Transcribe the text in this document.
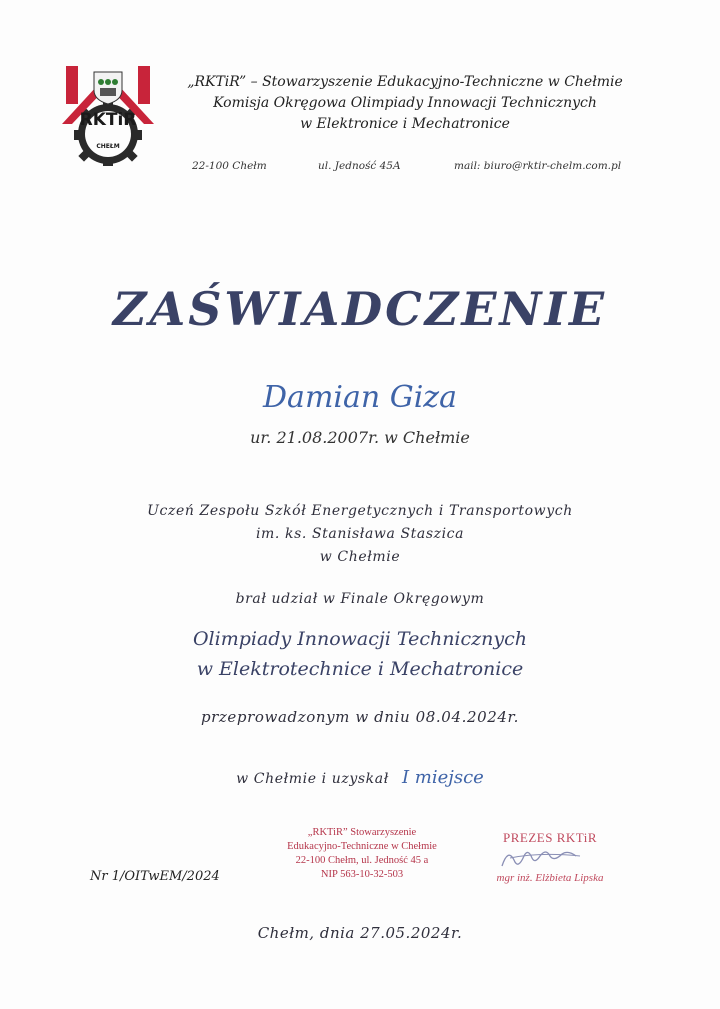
RKTiR
CHEŁM
„RKTiR” – Stowarzyszenie Edukacyjno-Techniczne w Chełmie
Komisja Okręgowa Olimpiady Innowacji Technicznych
w Elektronice i Mechatronice
22-100 Chełm	ul. Jedność 45A	mail: biuro@rktir-chelm.com.pl
ZAŚWIADCZENIE
Damian Giza
ur. 21.08.2007r. w Chełmie
Uczeń Zespołu Szkół Energetycznych i Transportowych
im. ks. Stanisława Staszica
w Chełmie
brał udział w Finale Okręgowym
Olimpiady Innowacji Technicznych
w Elektrotechnice i Mechatronice
przeprowadzonym w dniu 08.04.2024r.
w Chełmie i uzyskał I miejsce
„RKTiR” Stowarzyszenie
Edukacyjno-Techniczne w Chełmie
22-100 Chełm, ul. Jedność 45 a
NIP 563-10-32-503
Nr 1/OITwEM/2024
PREZES RKTiR
mgr inż. Elżbieta Lipska
Chełm, dnia 27.05.2024r.
